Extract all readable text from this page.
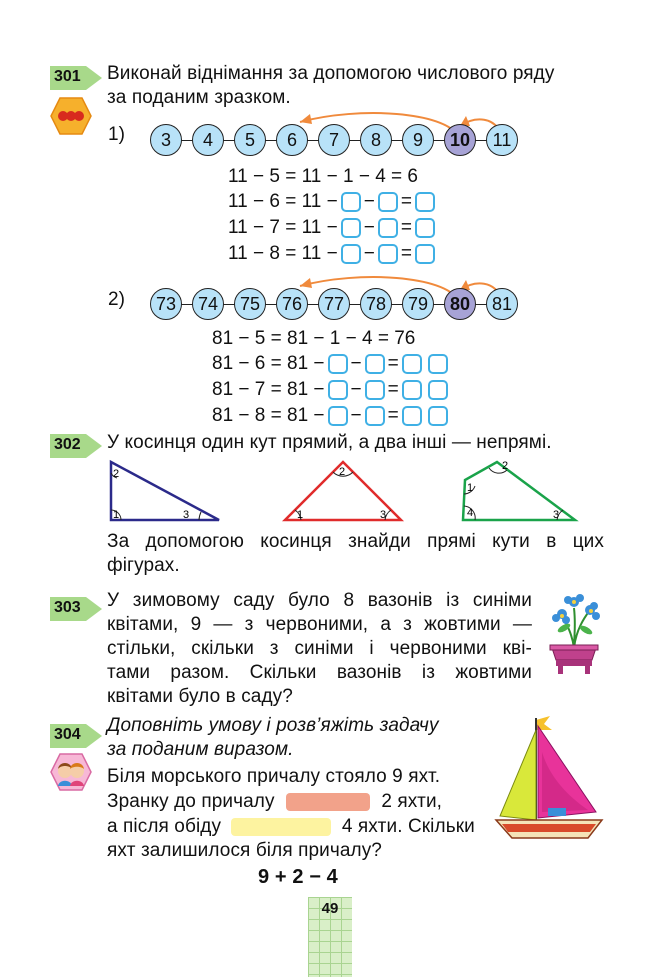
301 Виконай віднімання за допомогою числового ряду
за поданим зразком.
1)	3	4	5	6	7	8	9	10	11
11 − 5 = 11 − 1 − 4 = 6
11 − 6 = 11 − − =
11 − 7 = 11 − − =
11 − 8 = 11 − − =
2)	73	74	75	76	77	78	79	80	81
81 − 5 = 81 − 1 − 4 = 76
81 − 6 = 81 − − =
81 − 7 = 81 − − =
81 − 8 = 81 − − =
302 У косинця один кут прямий, а два інші — непрямі.
2
1	3
2
1	3
2
1
4	3
За допомогою косинця знайди прямі кути в цих
фігурах.
303 У зимовому саду було 8 вазонів із синіми
квітами, 9 — з червоними, а з жовтими —
стільки, скільки з синіми і червоними кві-
тами разом. Скільки вазонів із жовтими
квітами було в саду?
304 Доповніть умову і розв’яжіть задачу
за поданим виразом.
Біля морського причалу стояло 9 яхт.
Зранку до причалу	2 яхти,
а після обіду	4 яхти. Скільки
яхт залишилося біля причалу?
9 + 2 − 4
49
